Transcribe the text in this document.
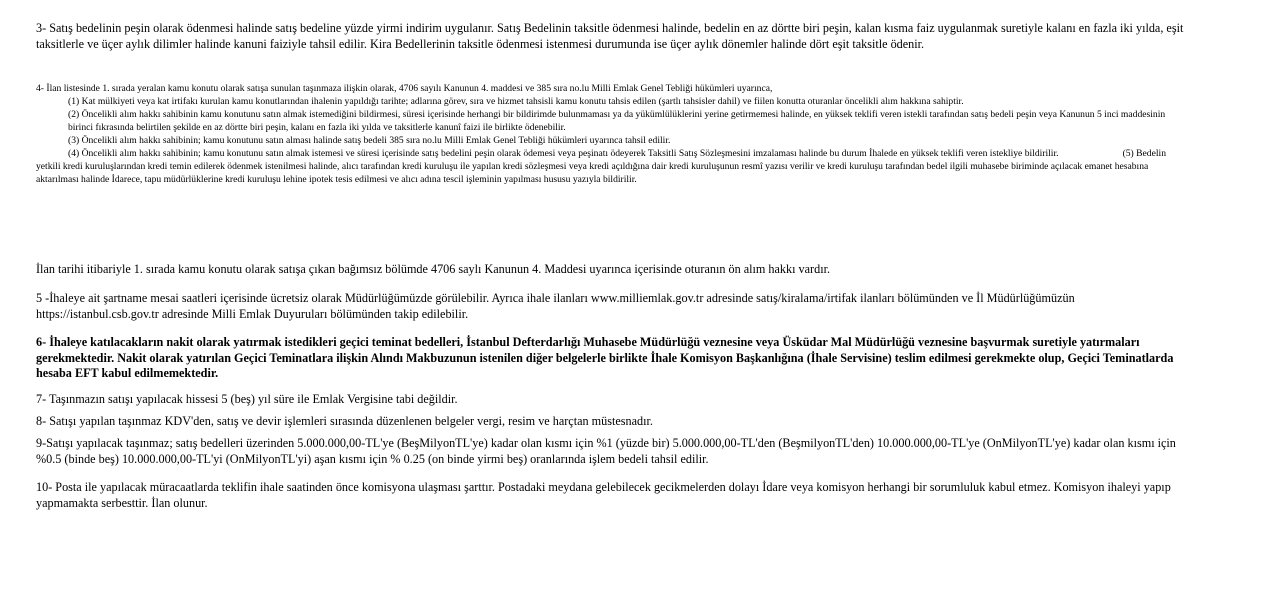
3- Satış bedelinin peşin olarak ödenmesi halinde satış bedeline yüzde yirmi indirim uygulanır. Satış Bedelinin taksitle ödenmesi halinde, bedelin en az dörtte biri peşin, kalan kısma faiz uygulanmak suretiyle kalanı en fazla iki yılda, eşit taksitlerle ve üçer aylık dilimler halinde kanuni faiziyle tahsil edilir. Kira Bedellerinin taksitle ödenmesi istenmesi durumunda ise üçer aylık dönemler halinde dört eşit taksitle ödenir.

4- İlan listesinde 1. sırada yeralan kamu konutu olarak satışa sunulan taşınmaza ilişkin olarak, 4706 sayılı Kanunun 4. maddesi ve 385 sıra no.lu Milli Emlak Genel Tebliği hükümleri uyarınca,
(1) Kat mülkiyeti veya kat irtifakı kurulan kamu konutlarından ihalenin yapıldığı tarihte; adlarına görev, sıra ve hizmet tahsisli kamu konutu tahsis edilen (şartlı tahsisler dahil) ve fiilen konutta oturanlar öncelikli alım hakkına sahiptir.
(2) Öncelikli alım hakkı sahibinin kamu konutunu satın almak istemediğini bildirmesi, süresi içerisinde herhangi bir bildirimde bulunmaması ya da yükümlülüklerini yerine getirmemesi halinde, en yüksek teklifi veren istekli tarafından satış bedeli peşin veya Kanunun 5 inci maddesinin birinci fıkrasında belirtilen şekilde en az dörtte biri peşin, kalanı en fazla iki yılda ve taksitlerle kanunî faizi ile birlikte ödenebilir.
(3) Öncelikli alım hakkı sahibinin; kamu konutunu satın alması halinde satış bedeli 385 sıra no.lu Milli Emlak Genel Tebliği hükümleri uyarınca tahsil edilir.
(5) Bedelin
(4) Öncelikli alım hakkı sahibinin; kamu konutunu satın almak istemesi ve süresi içerisinde satış bedelini peşin olarak ödemesi veya peşinatı ödeyerek Taksitli Satış Sözleşmesini imzalaması halinde bu durum İhalede en yüksek teklifi veren istekliye bildirilir.
yetkili kredi kuruluşlarından kredi temin edilerek ödenmek istenilmesi halinde, alıcı tarafından kredi kuruluşu ile yapılan kredi sözleşmesi veya kredi açıldığına dair kredi kuruluşunun resmî yazısı verilir ve kredi kuruluşu tarafından bedel ilgili muhasebe biriminde açılacak emanet hesabına aktarılması halinde İdarece, tapu müdürlüklerine kredi kuruluşu lehine ipotek tesis edilmesi ve alıcı adına tescil işleminin yapılması hususu yazıyla bildirilir.

İlan tarihi itibariyle 1. sırada kamu konutu olarak satışa çıkan bağımsız bölümde 4706 saylı Kanunun 4. Maddesi uyarınca içerisinde oturanın ön alım hakkı vardır.

5 -İhaleye ait şartname mesai saatleri içerisinde ücretsiz olarak Müdürlüğümüzde görülebilir. Ayrıca ihale ilanları www.milliemlak.gov.tr adresinde satış/kiralama/irtifak ilanları bölümünden ve İl Müdürlüğümüzün https://istanbul.csb.gov.tr adresinde Milli Emlak Duyuruları bölümünden takip edilebilir.

6- İhaleye katılacakların nakit olarak yatırmak istedikleri geçici teminat bedelleri, İstanbul Defterdarlığı Muhasebe Müdürlüğü veznesine veya Üsküdar Mal Müdürlüğü veznesine başvurmak suretiyle yatırmaları gerekmektedir. Nakit olarak yatırılan Geçici Teminatlara ilişkin Alındı Makbuzunun istenilen diğer belgelerle birlikte İhale Komisyon Başkanlığına (İhale Servisine) teslim edilmesi gerekmekte olup, Geçici Teminatlarda hesaba EFT kabul edilmemektedir.

7- Taşınmazın satışı yapılacak hissesi 5 (beş) yıl süre ile Emlak Vergisine tabi değildir.

8- Satışı yapılan taşınmaz KDV'den, satış ve devir işlemleri sırasında düzenlenen belgeler vergi, resim ve harçtan müstesnadır.

9-Satışı yapılacak taşınmaz; satış bedelleri üzerinden 5.000.000,00-TL'ye (BeşMilyonTL'ye) kadar olan kısmı için %1 (yüzde bir) 5.000.000,00-TL'den (BeşmilyonTL'den) 10.000.000,00-TL'ye (OnMilyonTL'ye) kadar olan kısmı için %0.5 (binde beş) 10.000.000,00-TL'yi (OnMilyonTL'yi) aşan kısmı için % 0.25 (on binde yirmi beş) oranlarında işlem bedeli tahsil edilir.

10- Posta ile yapılacak müracaatlarda teklifin ihale saatinden önce komisyona ulaşması şarttır. Postadaki meydana gelebilecek gecikmelerden dolayı İdare veya komisyon herhangi bir sorumluluk kabul etmez. Komisyon ihaleyi yapıp yapmamakta serbesttir. İlan olunur.
